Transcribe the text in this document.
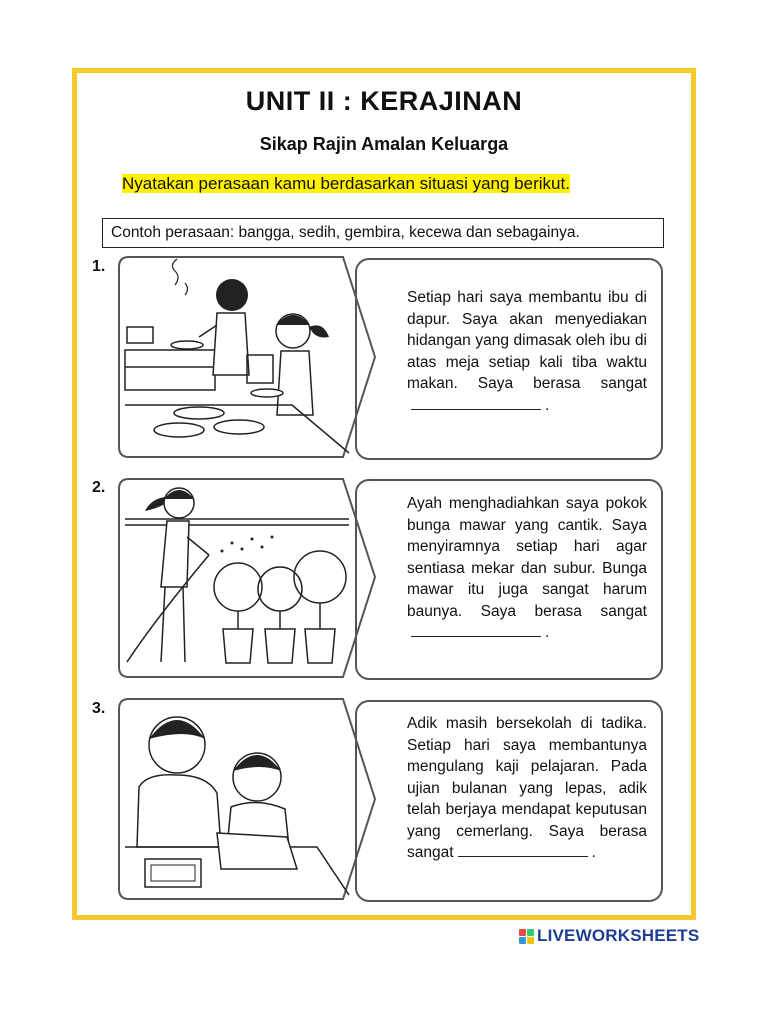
UNIT II : KERAJINAN
Sikap Rajin Amalan Keluarga
Nyatakan perasaan kamu berdasarkan situasi yang berikut.
Contoh perasaan: bangga, sedih, gembira, kecewa dan sebagainya.
1.

Setiap hari saya membantu ibu di dapur. Saya akan menyediakan hidangan yang dimasak oleh ibu di atas meja setiap kali tiba waktu makan. Saya berasa sangat.

2.

Ayah menghadiahkan saya pokok bunga mawar yang cantik. Saya menyiramnya setiap hari agar sentiasa mekar dan subur. Bunga mawar itu juga sangat harum baunya. Saya berasa sangat.

3.

Adik masih bersekolah di tadika. Setiap hari saya membantunya mengulang kaji pelajaran. Pada ujian bulanan yang lepas, adik telah berjaya mendapat keputusan yang cemerlang. Saya berasa sangat	.

LIVEWORKSHEETS
